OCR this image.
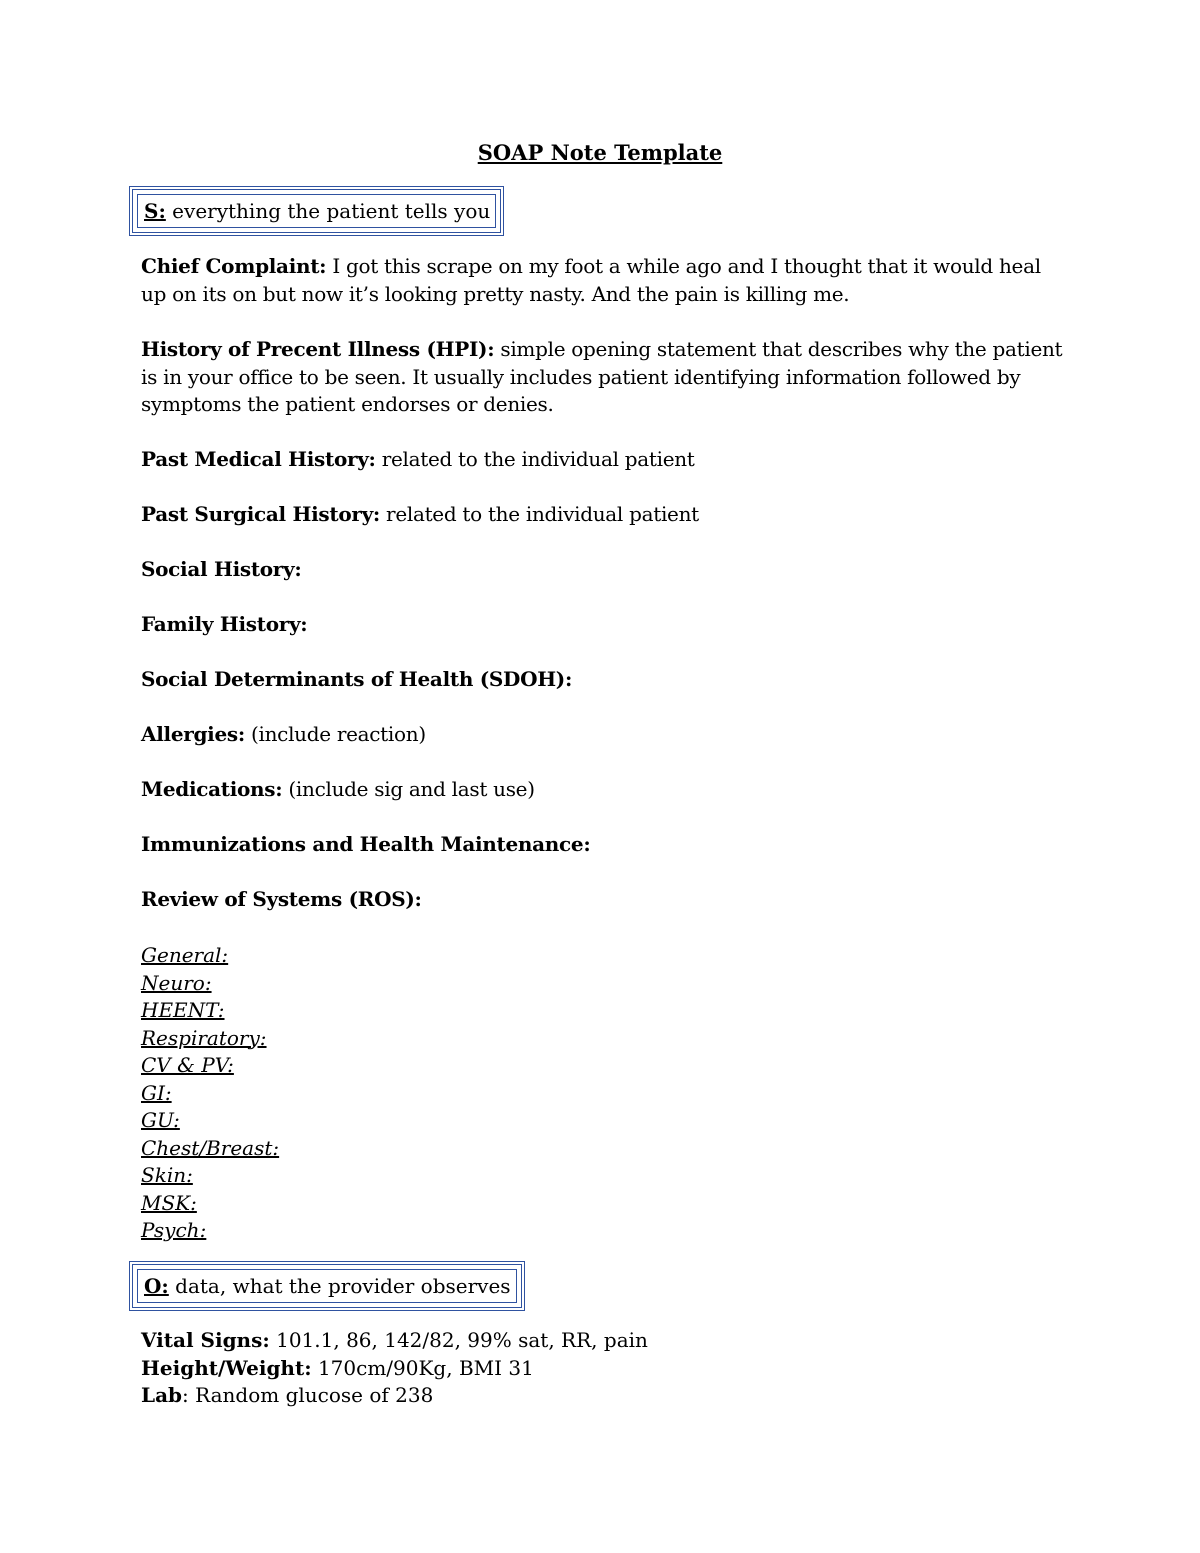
SOAP Note Template
S: everything the patient tells you
Chief Complaint: I got this scrape on my foot a while ago and I thought that it would heal up on its on but now it’s looking pretty nasty. And the pain is killing me.
History of Precent Illness (HPI): simple opening statement that describes why the patient is in your office to be seen. It usually includes patient identifying information followed by symptoms the patient endorses or denies.
Past Medical History: related to the individual patient
Past Surgical History: related to the individual patient
Social History:
Family History:
Social Determinants of Health (SDOH):
Allergies: (include reaction)
Medications: (include sig and last use)
Immunizations and Health Maintenance:
Review of Systems (ROS):
General:
Neuro:
HEENT:
Respiratory:
CV & PV:
GI:
GU:
Chest/Breast:
Skin:
MSK:
Psych:
O: data, what the provider observes
Vital Signs: 101.1, 86, 142/82, 99% sat, RR, pain
Height/Weight: 170cm/90Kg, BMI 31
Lab: Random glucose of 238
